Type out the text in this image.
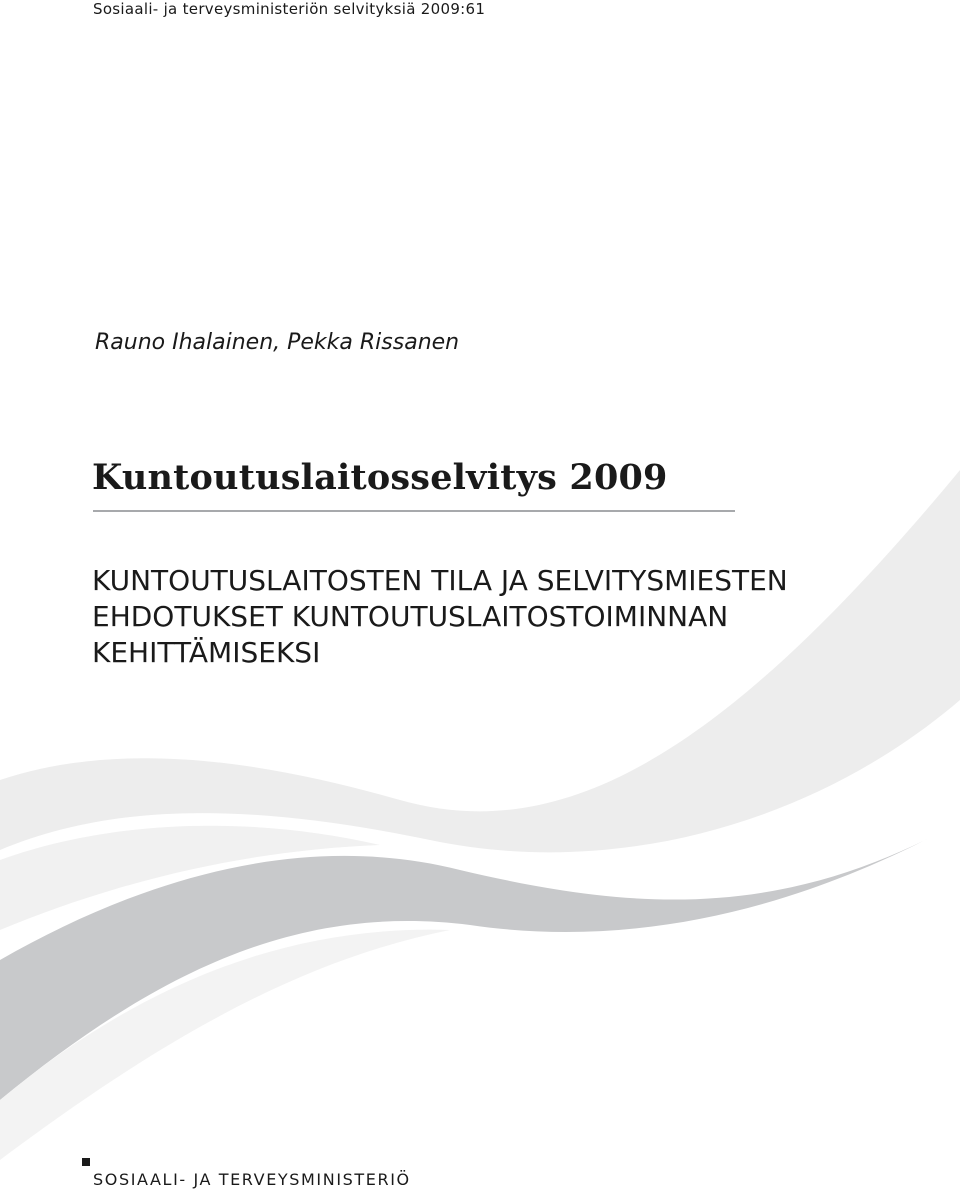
Sosiaali- ja terveysministeriön selvityksiä 2009:61
Rauno Ihalainen, Pekka Rissanen
Kuntoutuslaitosselvitys 2009
KUNTOUTUSLAITOSTEN TILA JA SELVITYSMIESTEN
EHDOTUKSET KUNTOUTUSLAITOSTOIMINNAN
KEHITTÄMISEKSI
SOSIAALI- JA TERVEYSMINISTERIÖ
